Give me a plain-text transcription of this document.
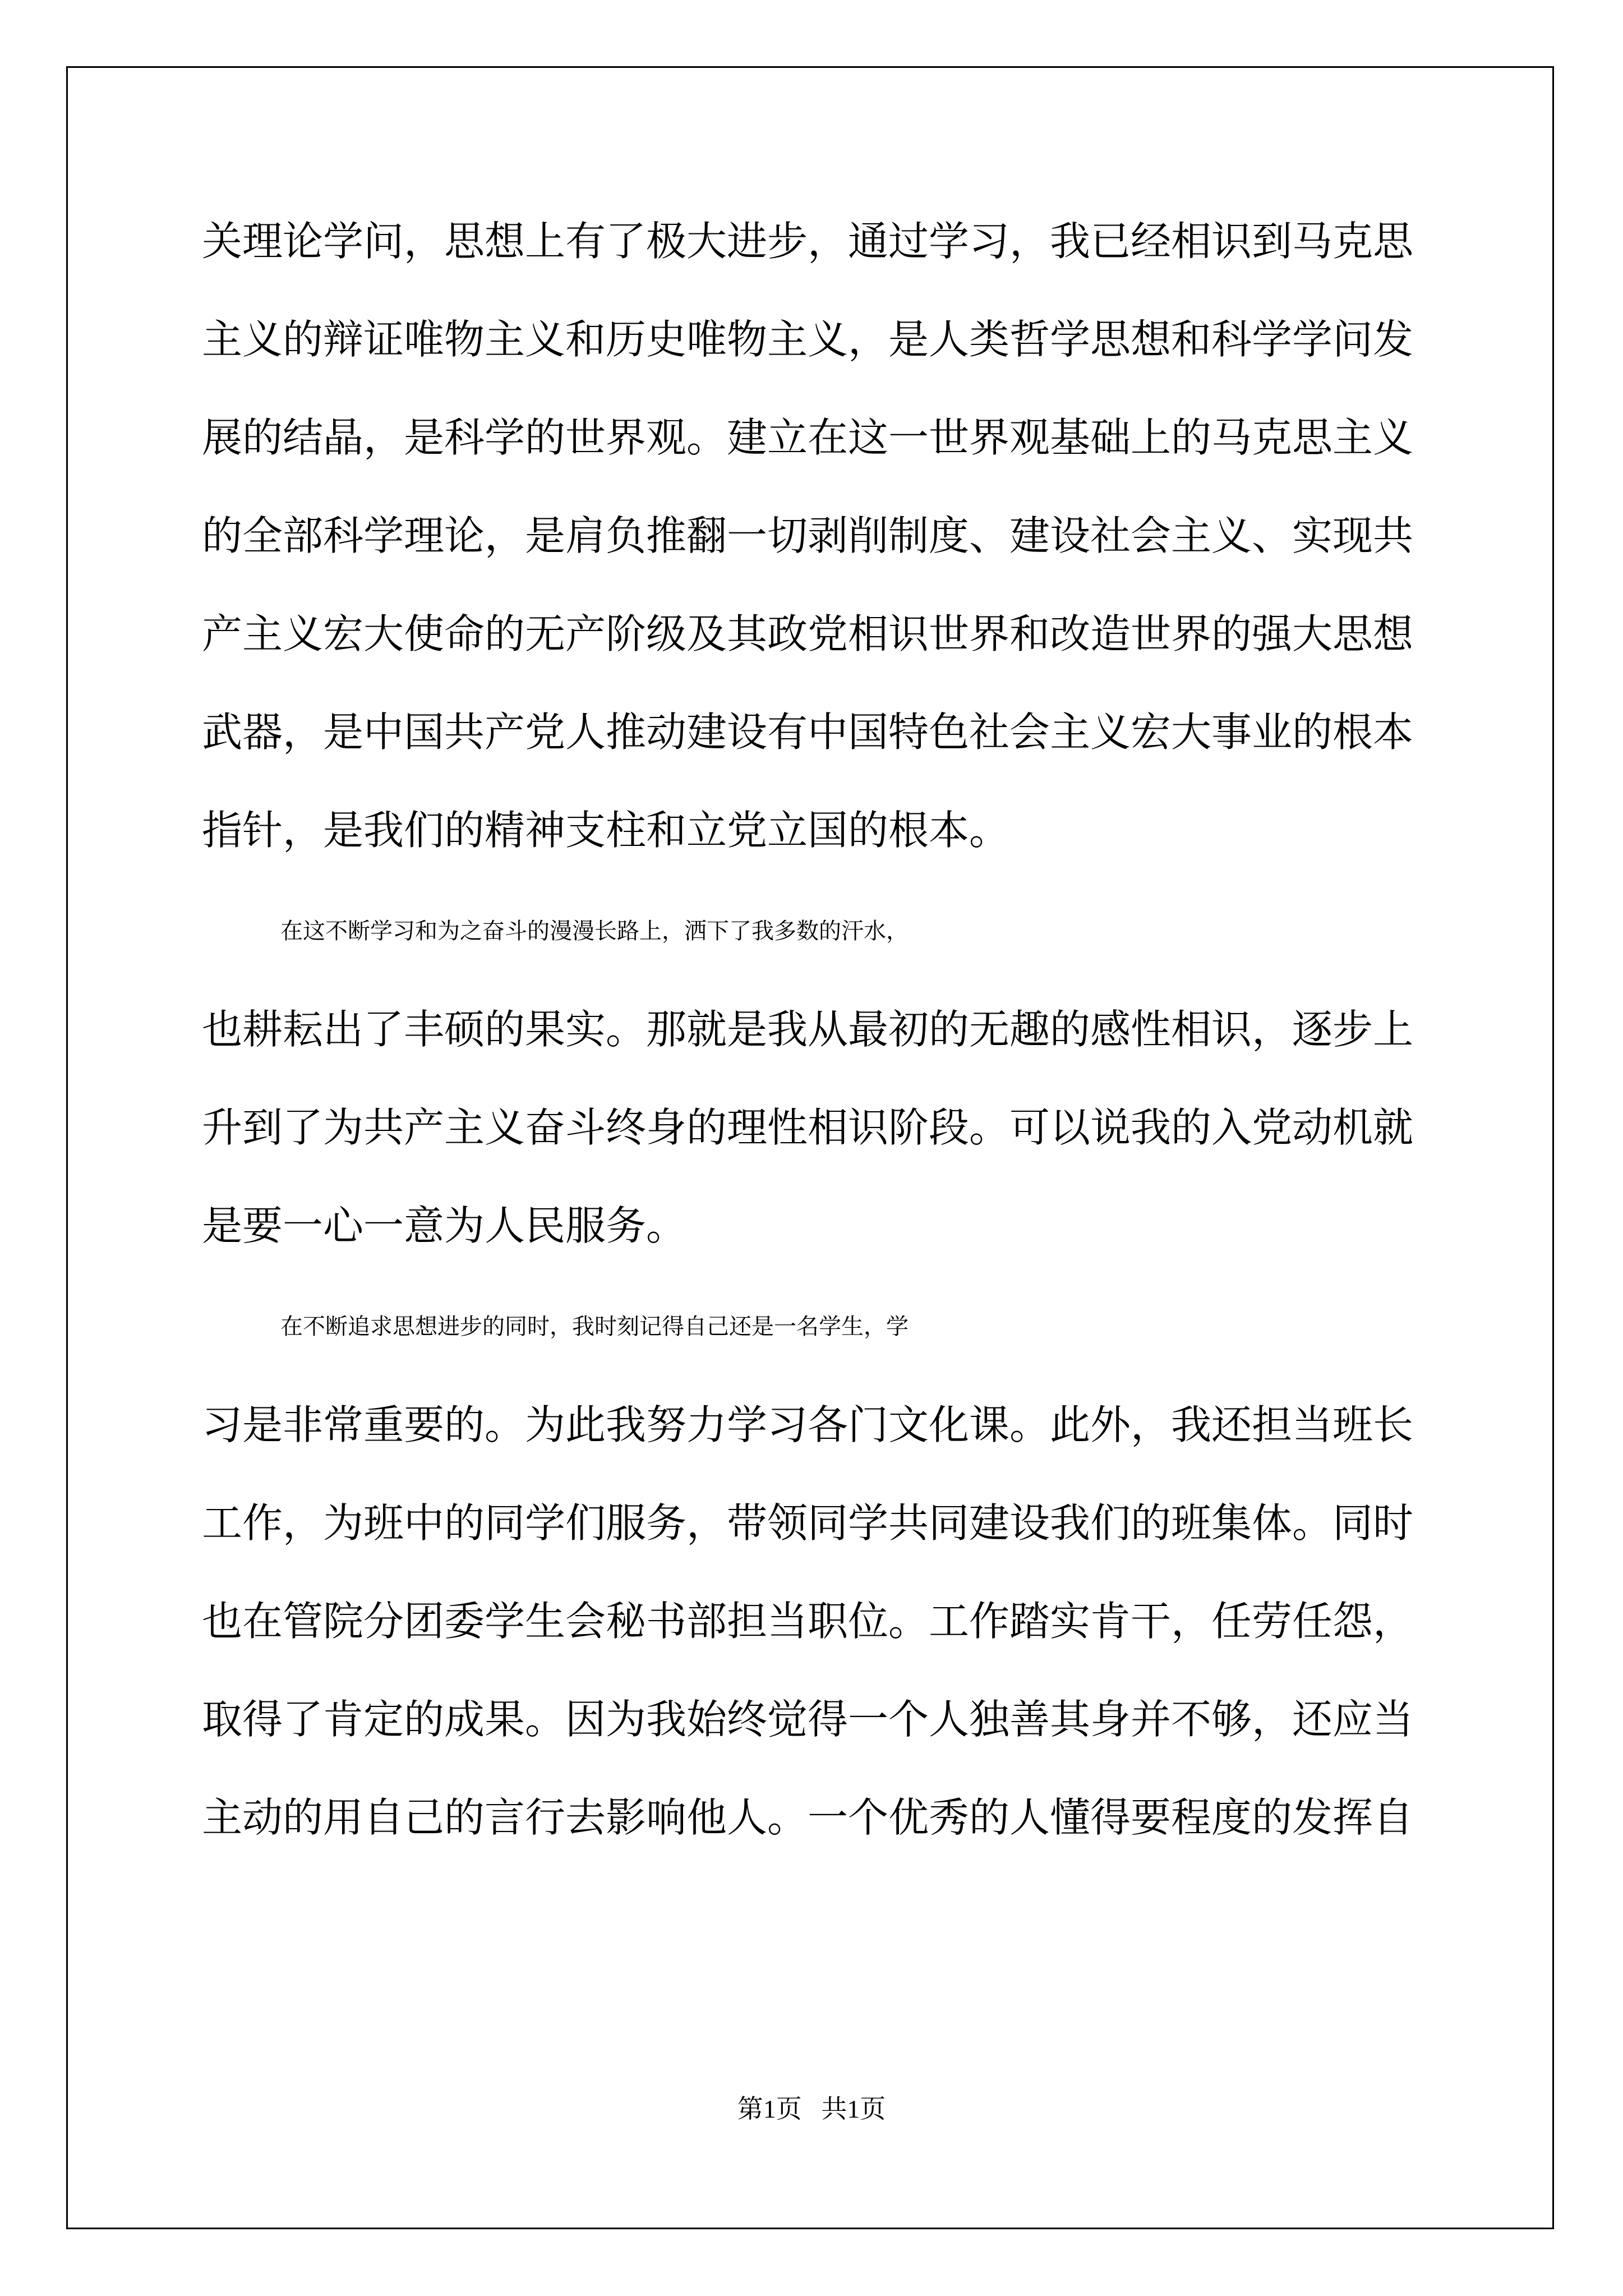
关理论学问，思想上有了极大进步，通过学习，我已经相识到马克思
主义的辩证唯物主义和历史唯物主义，是人类哲学思想和科学学问发
展的结晶，是科学的世界观。建立在这一世界观基础上的马克思主义
的全部科学理论，是肩负推翻一切剥削制度、建设社会主义、实现共
产主义宏大使命的无产阶级及其政党相识世界和改造世界的强大思想
武器，是中国共产党人推动建设有中国特色社会主义宏大事业的根本
指针，是我们的精神支柱和立党立国的根本。
在这不断学习和为之奋斗的漫漫长路上，洒下了我多数的汗水，
也耕耘出了丰硕的果实。那就是我从最初的无趣的感性相识，逐步上
升到了为共产主义奋斗终身的理性相识阶段。可以说我的入党动机就
是要一心一意为人民服务。
在不断追求思想进步的同时，我时刻记得自己还是一名学生，学
习是非常重要的。为此我努力学习各门文化课。此外，我还担当班长
工作，为班中的同学们服务，带领同学共同建设我们的班集体。同时
也在管院分团委学生会秘书部担当职位。工作踏实肯干，任劳任怨，
取得了肯定的成果。因为我始终觉得一个人独善其身并不够，还应当
主动的用自己的言行去影响他人。一个优秀的人懂得要程度的发挥自
第1页   共1页
